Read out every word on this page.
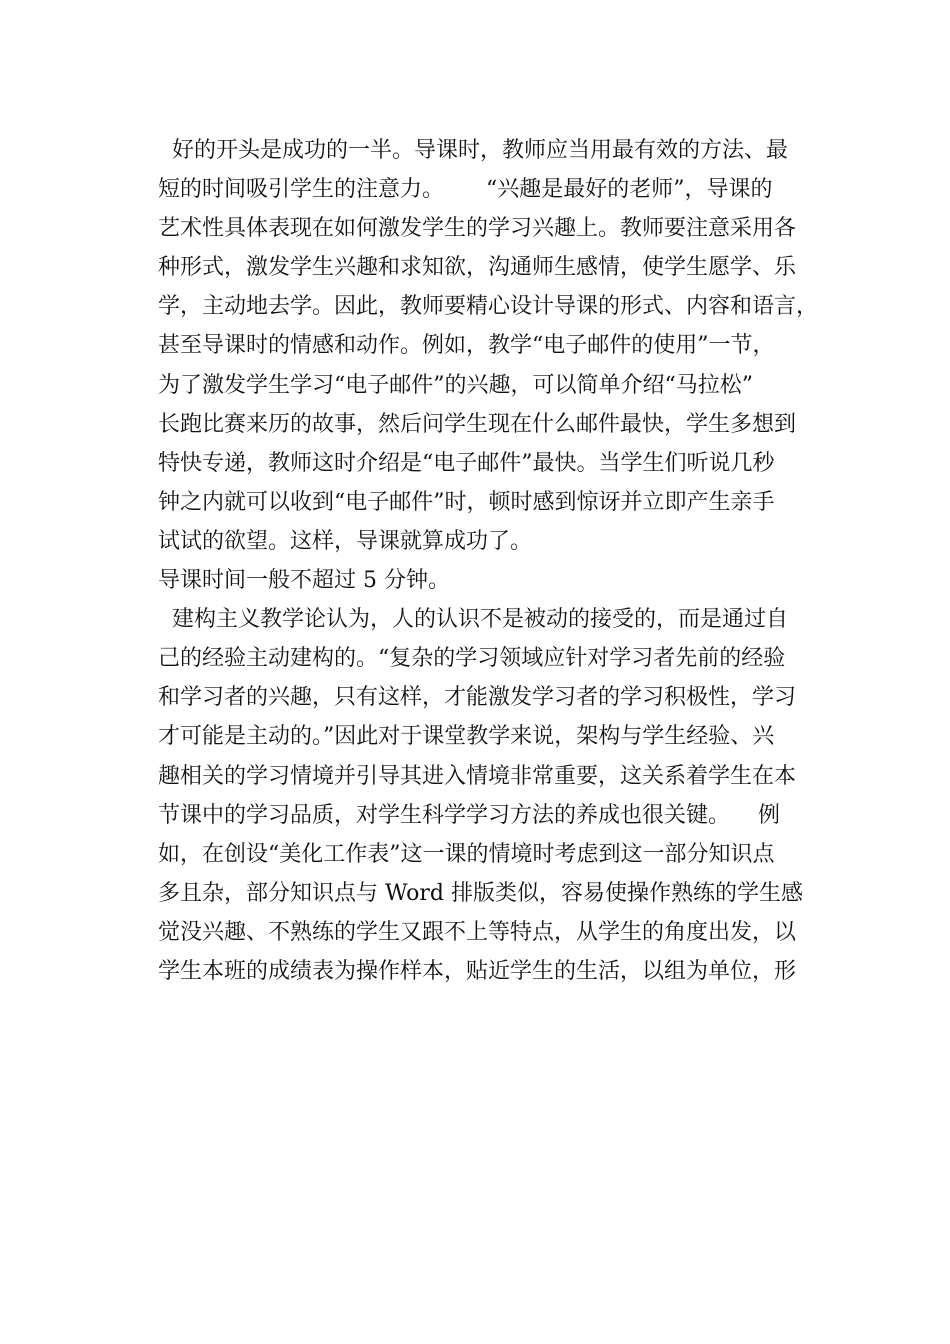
好的开头是成功的一半。导课时，教师应当用最有效的方法、最
短的时间吸引学生的注意力。      “兴趣是最好的老师”，导课的
艺术性具体表现在如何激发学生的学习兴趣上。教师要注意采用各
种形式，激发学生兴趣和求知欲，沟通师生感情，使学生愿学、乐
学，主动地去学。因此，教师要精心设计导课的形式、内容和语言，
甚至导课时的情感和动作。例如，教学“电子邮件的使用”一节，
为了激发学生学习“电子邮件”的兴趣，可以简单介绍“马拉松”
长跑比赛来历的故事，然后问学生现在什么邮件最快，学生多想到
特快专递，教师这时介绍是“电子邮件”最快。当学生们听说几秒
钟之内就可以收到“电子邮件”时，顿时感到惊讶并立即产生亲手
试试的欲望。这样，导课就算成功了。
导课时间一般不超过 5 分钟。
建构主义教学论认为，人的认识不是被动的接受的，而是通过自
己的经验主动建构的。“复杂的学习领域应针对学习者先前的经验
和学习者的兴趣，只有这样，才能激发学习者的学习积极性，学习
才可能是主动的。”因此对于课堂教学来说，架构与学生经验、兴
趣相关的学习情境并引导其进入情境非常重要，这关系着学生在本
节课中的学习品质，对学生科学学习方法的养成也很关键。    例
如，在创设“美化工作表”这一课的情境时考虑到这一部分知识点
多且杂，部分知识点与 Word 排版类似，容易使操作熟练的学生感
觉没兴趣、不熟练的学生又跟不上等特点，从学生的角度出发，以
学生本班的成绩表为操作样本，贴近学生的生活，以组为单位，形
